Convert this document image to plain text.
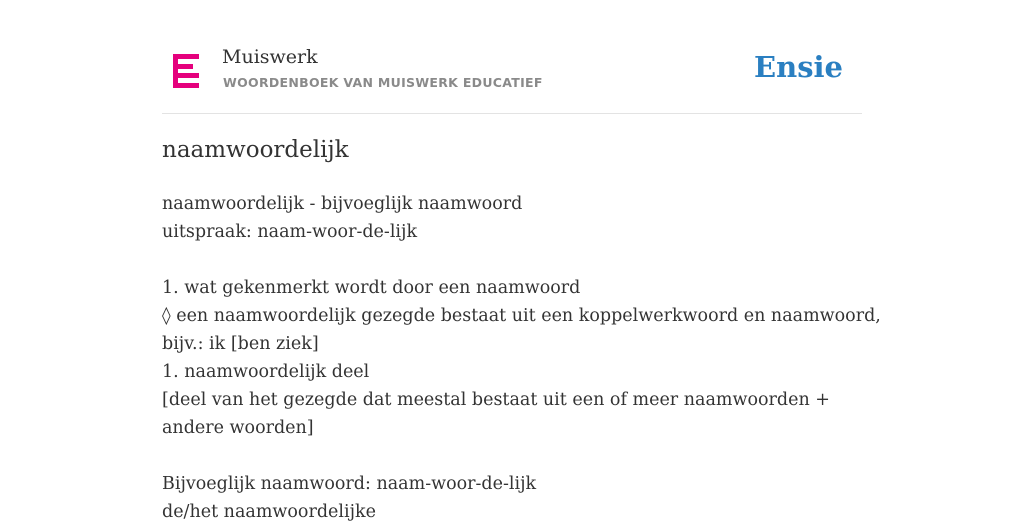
Muiswerk
WOORDENBOEK VAN MUISWERK EDUCATIEF	Ensie
naamwoordelijk
naamwoordelijk - bijvoeglijk naamwoord
uitspraak: naam-woor-de-lijk
1. wat gekenmerkt wordt door een naamwoord
◊ een naamwoordelijk gezegde bestaat uit een koppelwerkwoord en naamwoord,
bijv.: ik [ben ziek]
1. naamwoordelijk deel
[deel van het gezegde dat meestal bestaat uit een of meer naamwoorden +
andere woorden]
Bijvoeglijk naamwoord: naam-woor-de-lijk
de/het naamwoordelijke
